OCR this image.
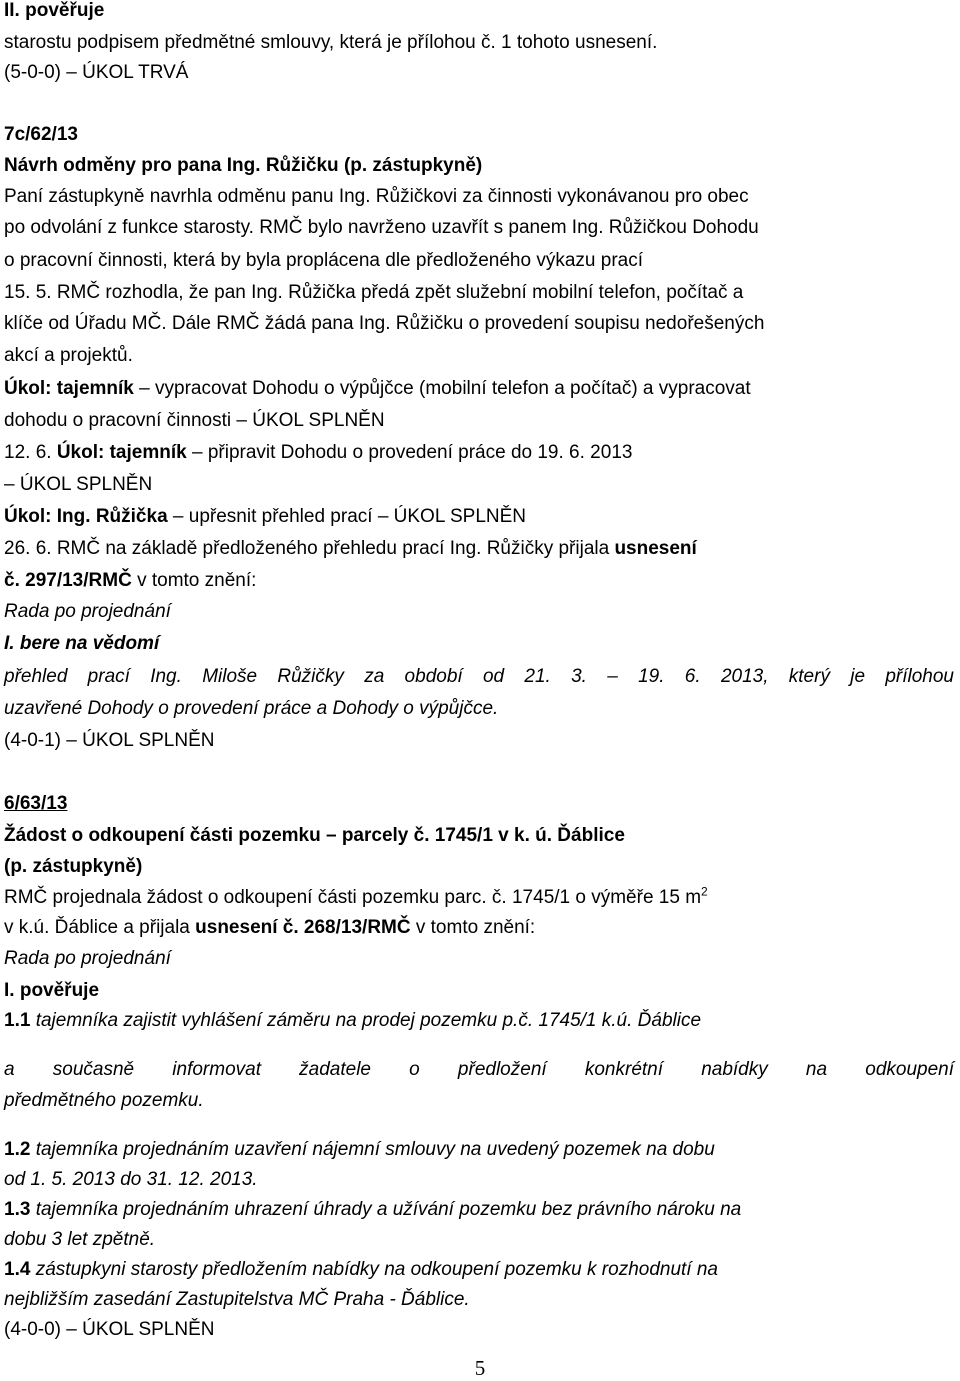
II. pověřuje
starostu podpisem předmětné smlouvy, která je přílohou č. 1 tohoto usnesení.
(5-0-0) – ÚKOL TRVÁ
7c/62/13
Návrh odměny pro pana Ing. Růžičku (p. zástupkyně)
Paní zástupkyně navrhla odměnu panu Ing. Růžičkovi za činnosti vykonávanou pro obec
po odvolání z funkce starosty. RMČ bylo navrženo uzavřít s panem Ing. Růžičkou Dohodu
o pracovní činnosti, která by byla proplácena dle předloženého výkazu prací
15. 5. RMČ rozhodla, že pan Ing. Růžička předá zpět služební mobilní telefon, počítač a
klíče od Úřadu MČ. Dále RMČ žádá pana Ing. Růžičku o provedení soupisu nedořešených
akcí a projektů.
Úkol: tajemník – vypracovat Dohodu o výpůjčce (mobilní telefon a počítač) a vypracovat
dohodu o pracovní činnosti – ÚKOL SPLNĚN
12. 6. Úkol: tajemník – připravit Dohodu o provedení práce do 19. 6. 2013
– ÚKOL SPLNĚN
Úkol: Ing. Růžička – upřesnit přehled prací – ÚKOL SPLNĚN
26. 6. RMČ na základě předloženého přehledu prací Ing. Růžičky přijala usnesení
č. 297/13/RMČ v tomto znění:
Rada po projednání
I. bere na vědomí
přehled prací Ing. Miloše Růžičky za období od 21. 3. – 19. 6. 2013, který je přílohou
uzavřené Dohody o provedení práce a Dohody o výpůjčce.
(4-0-1) – ÚKOL SPLNĚN
6/63/13
Žádost o odkoupení části pozemku – parcely č. 1745/1 v k. ú. Ďáblice
(p. zástupkyně)
RMČ projednala žádost o odkoupení části pozemku parc. č. 1745/1 o výměře 15 $m^2$
v k.ú. Ďáblice a přijala usnesení č. 268/13/RMČ v tomto znění:
Rada po projednání
I. pověřuje
1.1 tajemníka zajistit vyhlášení záměru na prodej pozemku p.č. 1745/1 k.ú. Ďáblice
a současně informovat žadatele o předložení konkrétní nabídky na odkoupení
předmětného pozemku.
1.2 tajemníka projednáním uzavření nájemní smlouvy na uvedený pozemek na dobu
od 1. 5. 2013 do 31. 12. 2013.
1.3 tajemníka projednáním uhrazení úhrady a užívání pozemku bez právního nároku na
dobu 3 let zpětně.
1.4 zástupkyni starosty předložením nabídky na odkoupení pozemku k rozhodnutí na
nejbližším zasedání Zastupitelstva MČ Praha - Ďáblice.
(4-0-0) – ÚKOL SPLNĚN
5
